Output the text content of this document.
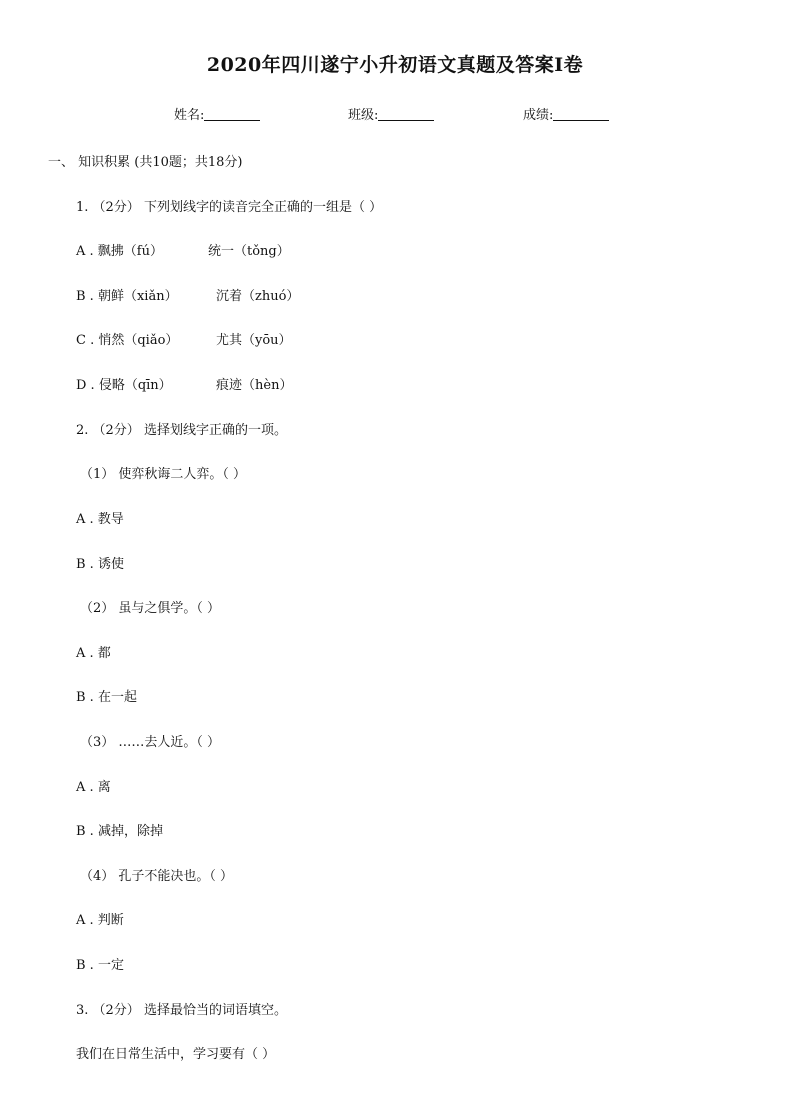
2020年四川遂宁小升初语文真题及答案Ⅰ卷
姓名:	班级:	成绩:
一、 知识积累 (共10题；共18分)
1. （2分） 下列划线字的读音完全正确的一组是（ ）
A . 飘拂（fú）	统一（tǒng）
B . 朝鲜（xiǎn）	沉着（zhuó）
C . 悄然（qiǎo）	尤其（yōu）
D . 侵略（qīn）	痕迹（hèn）
2. （2分） 选择划线字正确的一项。
（1） 使弈秋诲二人弈。（ ）
A . 教导
B . 诱使
（2） 虽与之俱学。（ ）
A . 都
B . 在一起
（3） ……去人近。（ ）
A . 离
B . 减掉，除掉
（4） 孔子不能决也。（ ）
A . 判断
B . 一定
3. （2分） 选择最恰当的词语填空。
我们在日常生活中，学习要有（ ）
